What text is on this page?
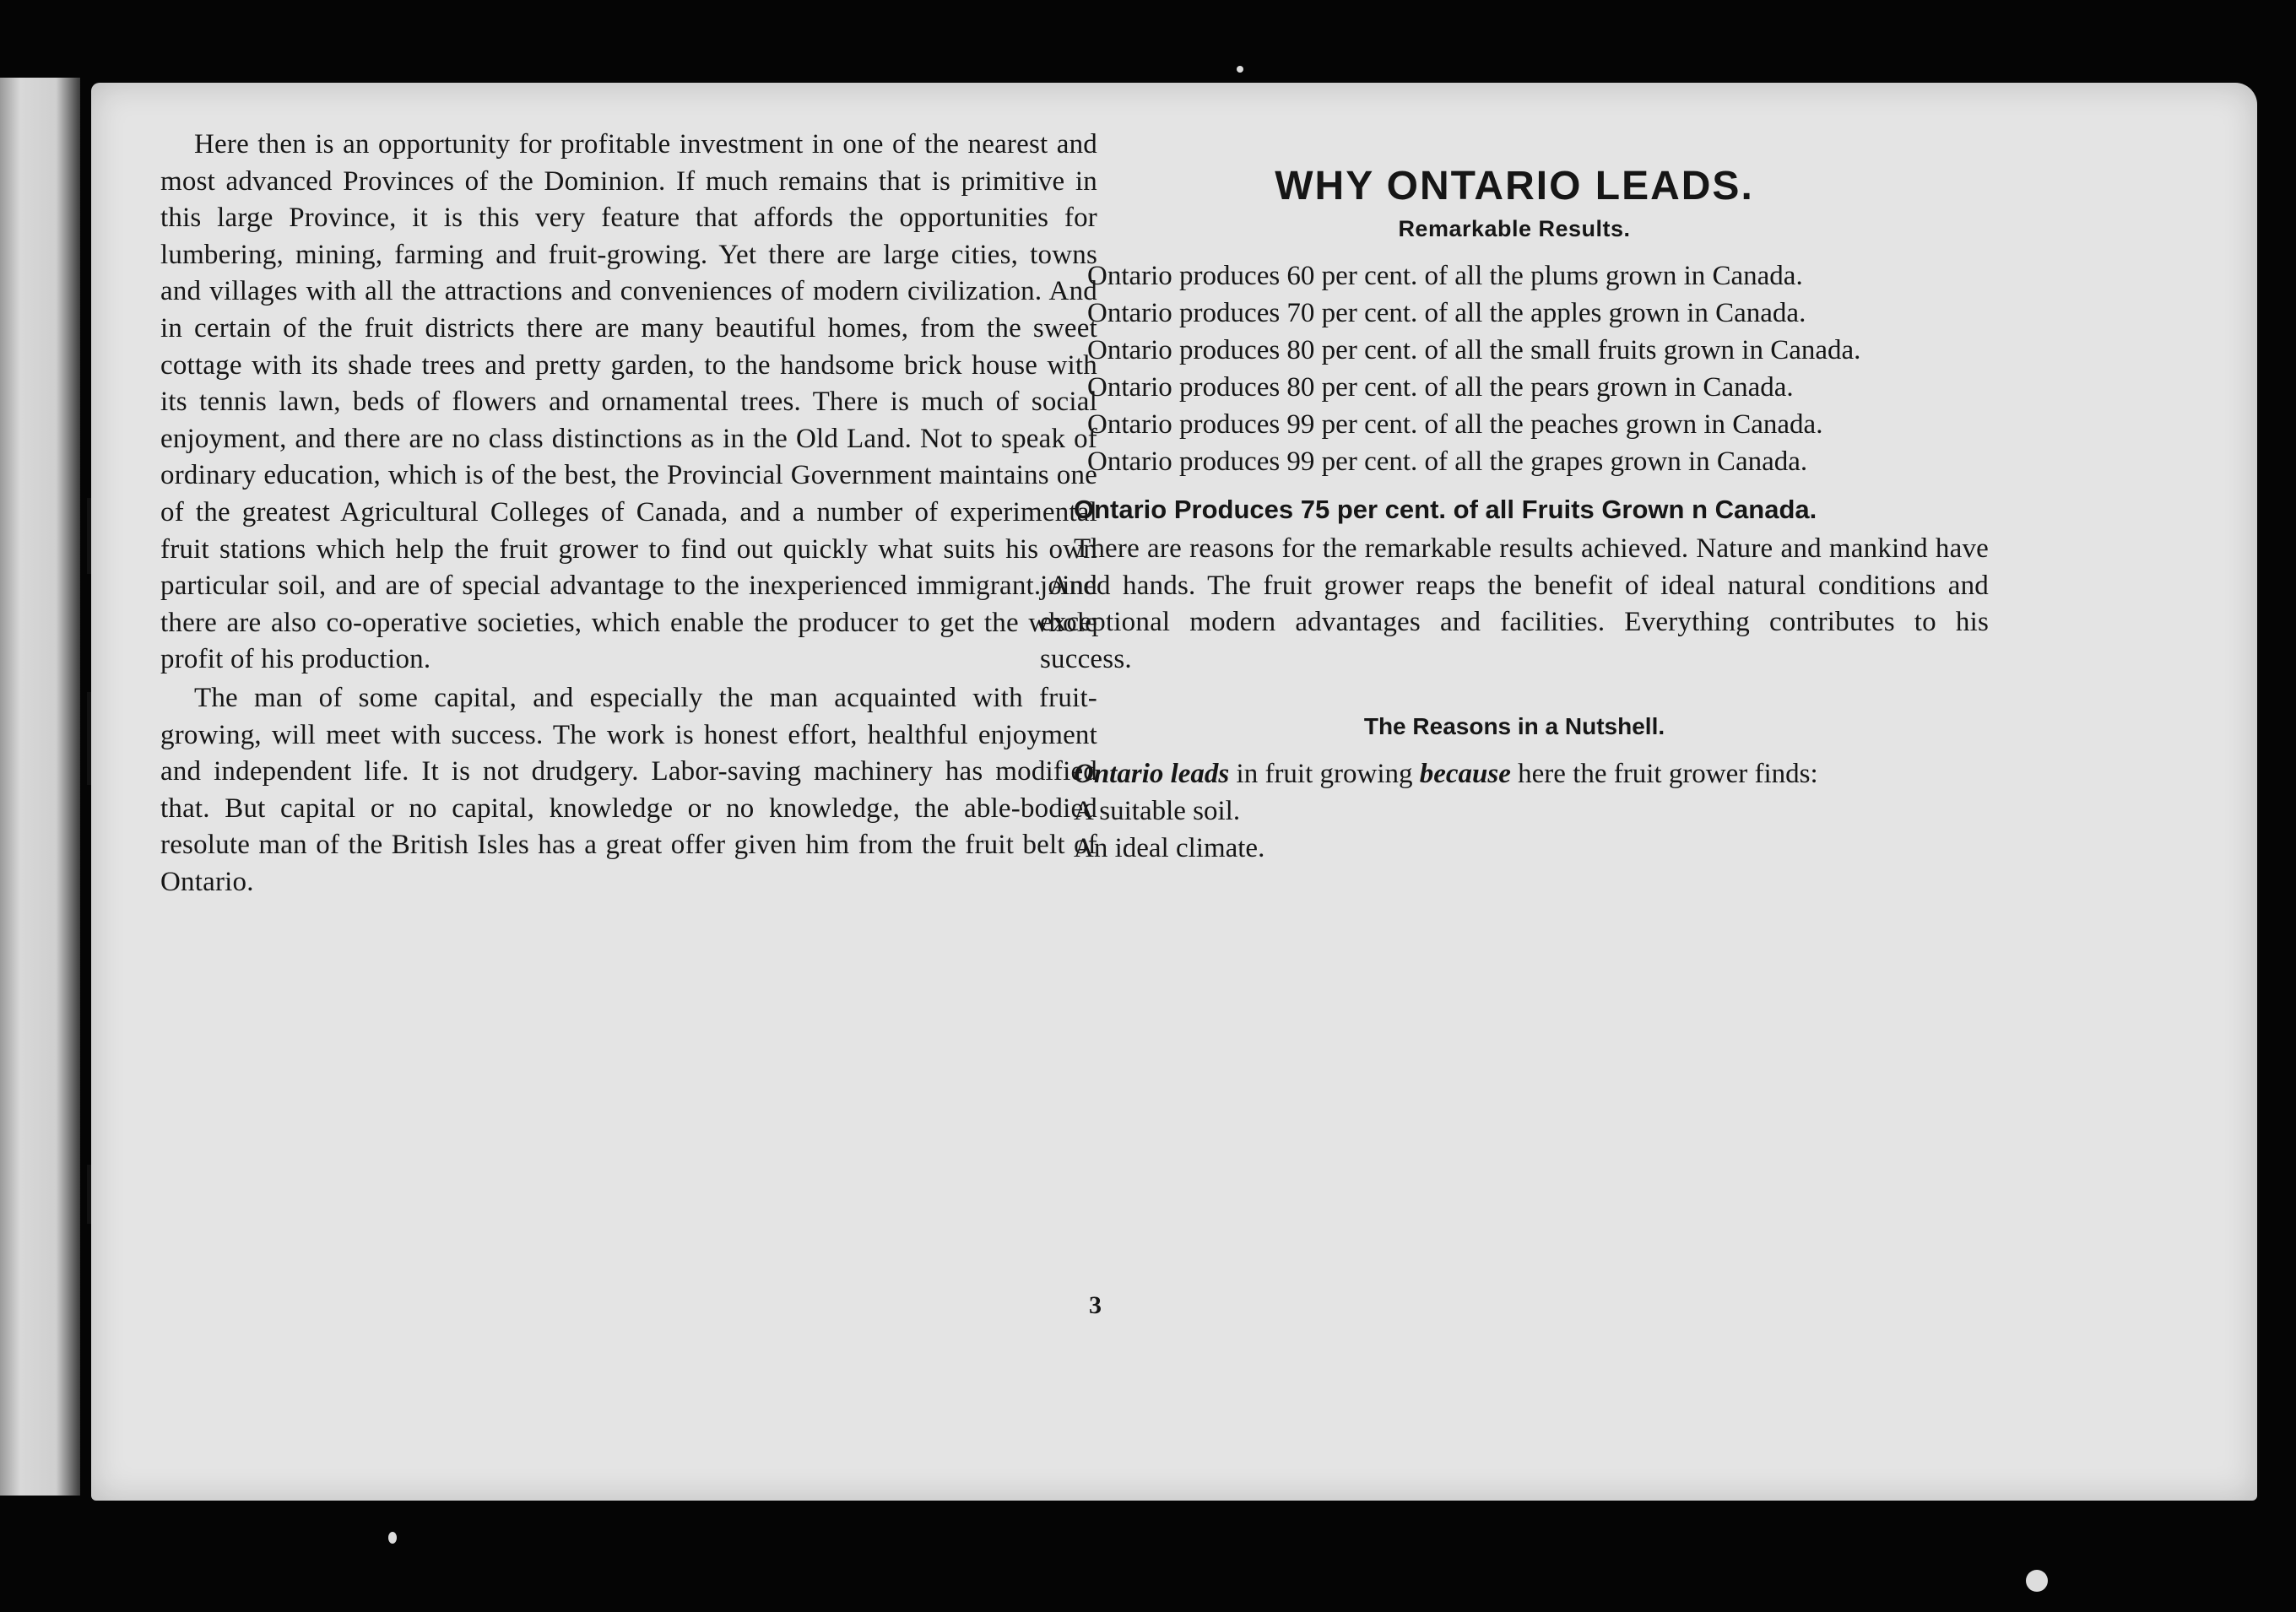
Here then is an opportunity for profitable investment in one of the nearest and most advanced Provinces of the Dominion. If much remains that is primitive in this large Province, it is this very feature that affords the opportunities for lumbering, mining, farming and fruit-growing. Yet there are large cities, towns and villages with all the attractions and conveniences of modern civilization. And in certain of the fruit districts there are many beautiful homes, from the sweet cottage with its shade trees and pretty garden, to the handsome brick house with its tennis lawn, beds of flowers and ornamental trees. There is much of social enjoyment, and there are no class distinctions as in the Old Land. Not to speak of ordinary education, which is of the best, the Provincial Government maintains one of the greatest Agricultural Colleges of Canada, and a number of experimental fruit stations which help the fruit grower to find out quickly what suits his own particular soil, and are of special advantage to the inexperienced immigrant. And there are also co-operative societies, which enable the producer to get the whole profit of his production.

The man of some capital, and especially the man acquainted with fruit-growing, will meet with success. The work is honest effort, healthful enjoyment and independent life. It is not drudgery. Labor-saving machinery has modified that. But capital or no capital, knowledge or no knowledge, the able-bodied resolute man of the British Isles has a great offer given him from the fruit belt of Ontario.

WHY ONTARIO LEADS.
Remarkable Results.

Ontario produces 60 per cent. of all the plums grown in Canada.

Ontario produces 70 per cent. of all the apples grown in Canada.

Ontario produces 80 per cent. of all the small fruits grown in Canada.

Ontario produces 80 per cent. of all the pears grown in Canada.

Ontario produces 99 per cent. of all the peaches grown in Canada.

Ontario produces 99 per cent. of all the grapes grown in Canada.

Ontario Produces 75 per cent. of all Fruits Grown n Canada.

There are reasons for the remarkable results achieved. Nature and mankind have joined hands. The fruit grower reaps the benefit of ideal natural conditions and exceptional modern advantages and facilities. Everything contributes to his success.

The Reasons in a Nutshell.

Ontario leads in fruit growing because here the fruit grower finds:

A suitable soil.

An ideal climate.

3
